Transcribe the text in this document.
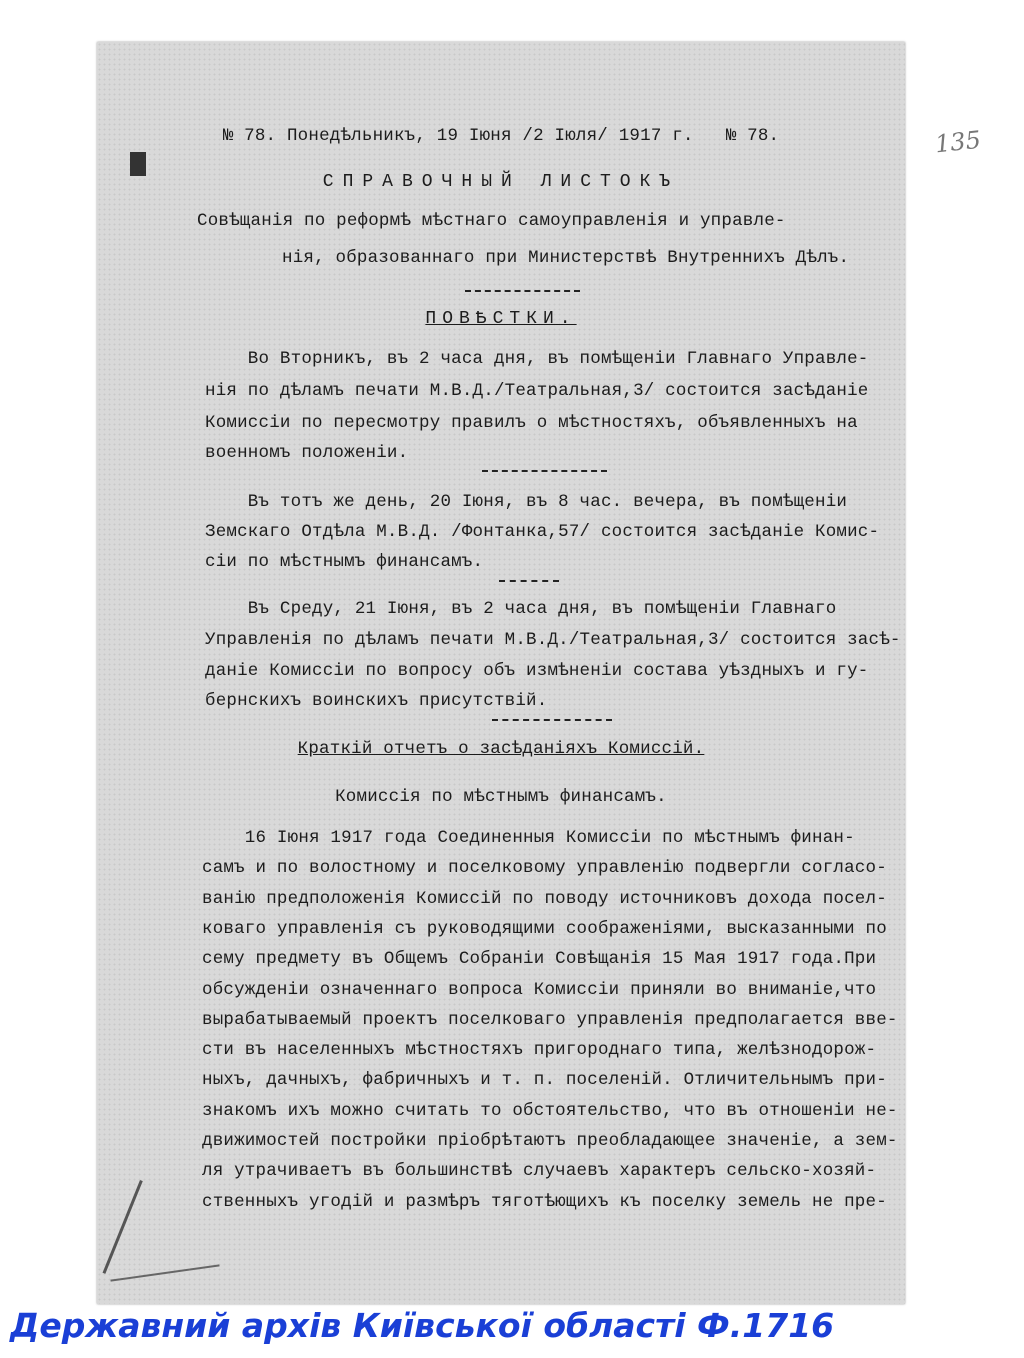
№ 78. Понедѣльникъ, 19 Іюня /2 Іюля/ 1917 г.   № 78.
СПРАВОЧНЫЙ ЛИСТОКЪ
Совѣщанія по реформѣ мѣстнаго самоуправленія и управле-
нія, образованнаго при Министерствѣ Внутреннихъ Дѣлъ.
ПОВѢСТКИ.
Во Вторникъ, въ 2 часа дня, въ помѣщеніи Главнаго Управле-
нія по дѣламъ печати М.В.Д./Театральная,3/ состоится засѣданіе
Комиссіи по пересмотру правилъ о мѣстностяхъ, объявленныхъ на
военномъ положеніи.
Въ тотъ же день, 20 Іюня, въ 8 час. вечера, въ помѣщеніи
Земскаго Отдѣла М.В.Д. /Фонтанка,57/ состоится засѣданіе Комис-
сіи по мѣстнымъ финансамъ.
Въ Среду, 21 Іюня, въ 2 часа дня, въ помѣщеніи Главнаго
Управленія по дѣламъ печати М.В.Д./Театральная,3/ состоится засѣ-
даніе Комиссіи по вопросу объ измѣненіи состава уѣздныхъ и гу-
бернскихъ воинскихъ присутствій.
Краткій отчетъ о засѣданіяхъ Комиссій.
Комиссія по мѣстнымъ финансамъ.
16 Іюня 1917 года Соединенныя Комиссіи по мѣстнымъ финан-
самъ и по волостному и поселковому управленію подвергли согласо-
ванію предположенія Комиссій по поводу источниковъ дохода посел-
коваго управленія съ руководящими соображеніями, высказанными по
сему предмету въ Общемъ Собраніи Совѣщанія 15 Мая 1917 года.При
обсужденіи означеннаго вопроса Комиссіи приняли во вниманіе,что
вырабатываемый проектъ поселковаго управленія предполагается вве-
сти въ населенныхъ мѣстностяхъ пригороднаго типа, желѣзнодорож-
ныхъ, дачныхъ, фабричныхъ и т. п. поселеній. Отличительнымъ при-
знакомъ ихъ можно считать то обстоятельство, что въ отношеніи не-
движимостей постройки пріобрѣтаютъ преобладающее значеніе, а зем-
ля утрачиваетъ въ большинствѣ случаевъ характеръ сельско-хозяй-
ственныхъ угодій и размѣръ тяготѣющихъ къ поселку земель не пре-
135
Державний архів Київської області Ф.1716
